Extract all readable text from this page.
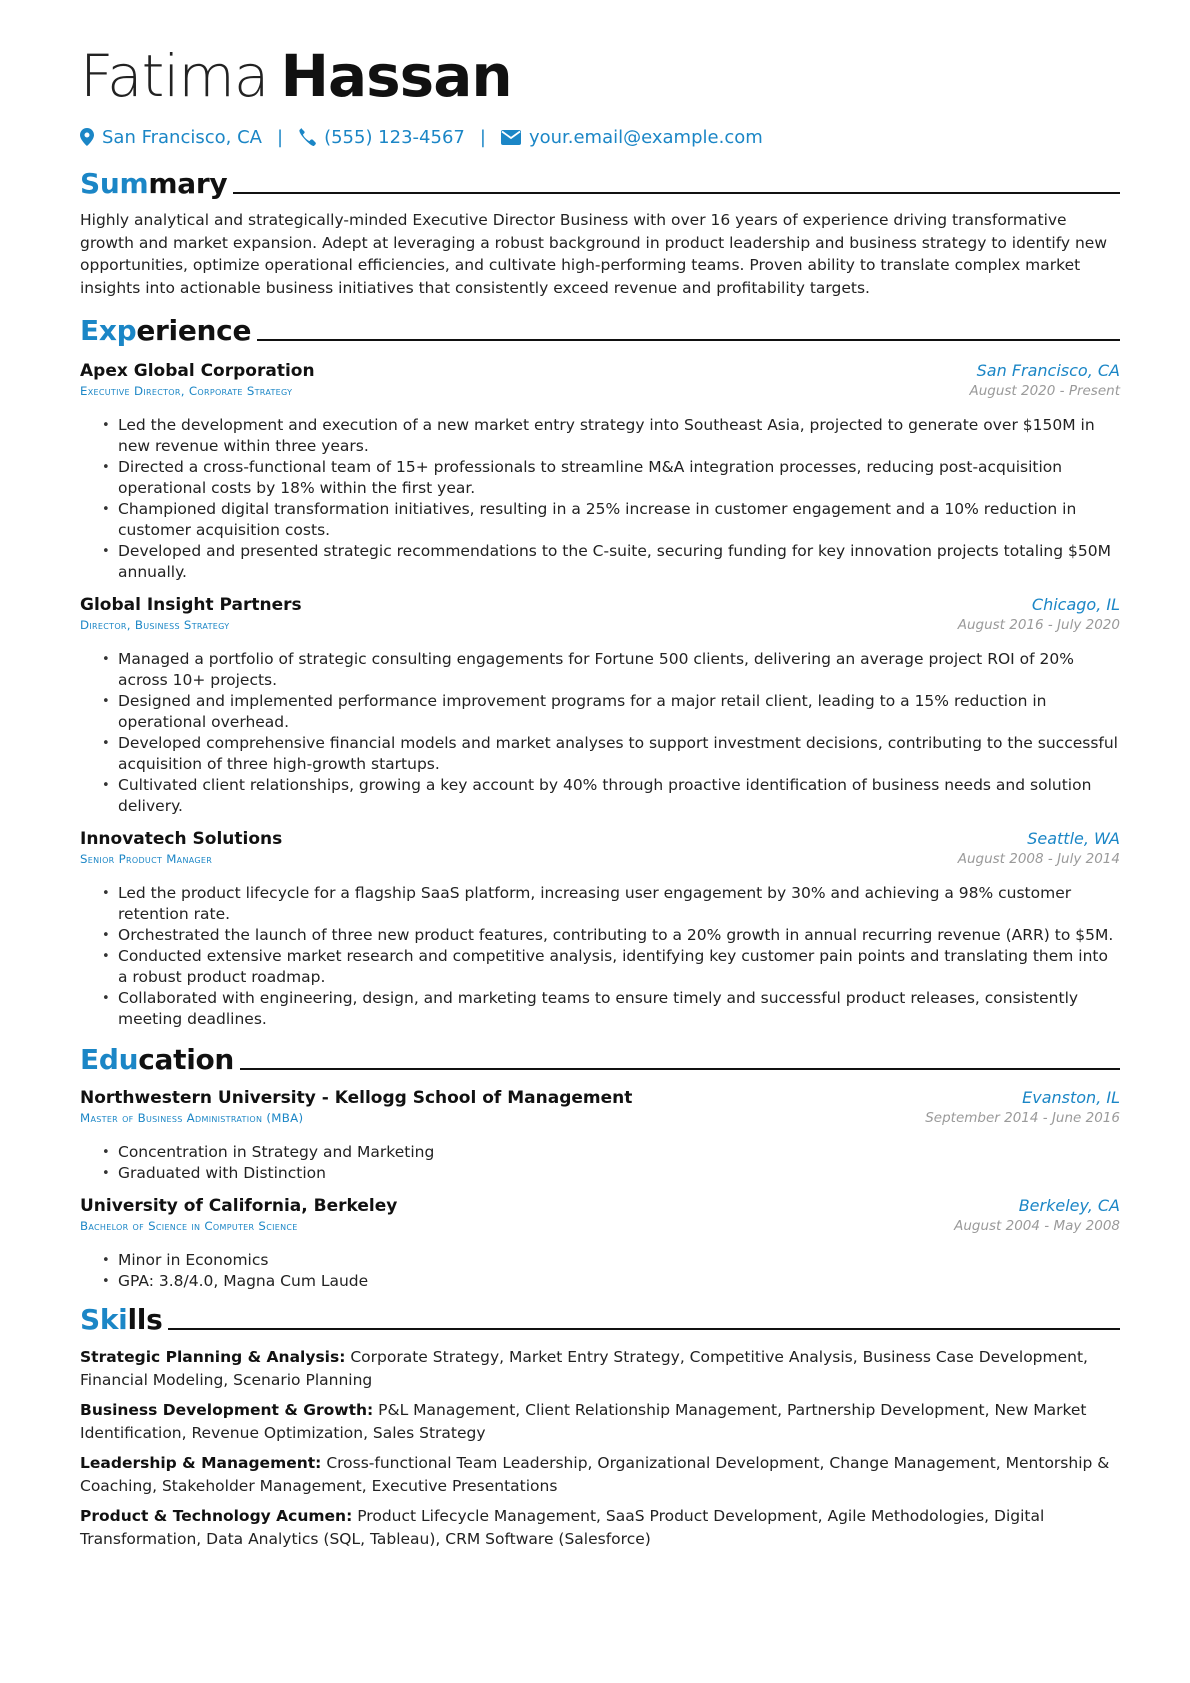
Fatima Hassan
San Francisco, CA | (555) 123-4567 | your.email@example.com
Summary
Highly analytical and strategically-minded Executive Director Business with over 16 years of experience driving transformative growth and market expansion. Adept at leveraging a robust background in product leadership and business strategy to identify new opportunities, optimize operational efficiencies, and cultivate high-performing teams. Proven ability to translate complex market insights into actionable business initiatives that consistently exceed revenue and profitability targets.
Experience
Apex Global Corporation	San Francisco, CA
Executive Director, Corporate Strategy	August 2020 - Present
• Led the development and execution of a new market entry strategy into Southeast Asia, projected to generate over $150M in new revenue within three years.
• Directed a cross-functional team of 15+ professionals to streamline M&A integration processes, reducing post-acquisition operational costs by 18% within the first year.
• Championed digital transformation initiatives, resulting in a 25% increase in customer engagement and a 10% reduction in customer acquisition costs.
• Developed and presented strategic recommendations to the C-suite, securing funding for key innovation projects totaling $50M annually.
Global Insight Partners	Chicago, IL
Director, Business Strategy	August 2016 - July 2020
• Managed a portfolio of strategic consulting engagements for Fortune 500 clients, delivering an average project ROI of 20% across 10+ projects.
• Designed and implemented performance improvement programs for a major retail client, leading to a 15% reduction in operational overhead.
• Developed comprehensive financial models and market analyses to support investment decisions, contributing to the successful acquisition of three high-growth startups.
• Cultivated client relationships, growing a key account by 40% through proactive identification of business needs and solution delivery.
Innovatech Solutions	Seattle, WA
Senior Product Manager	August 2008 - July 2014
• Led the product lifecycle for a flagship SaaS platform, increasing user engagement by 30% and achieving a 98% customer retention rate.
• Orchestrated the launch of three new product features, contributing to a 20% growth in annual recurring revenue (ARR) to $5M.
• Conducted extensive market research and competitive analysis, identifying key customer pain points and translating them into a robust product roadmap.
• Collaborated with engineering, design, and marketing teams to ensure timely and successful product releases, consistently meeting deadlines.
Education
Northwestern University - Kellogg School of Management	Evanston, IL
Master of Business Administration (MBA)	September 2014 - June 2016
• Concentration in Strategy and Marketing
• Graduated with Distinction
University of California, Berkeley	Berkeley, CA
Bachelor of Science in Computer Science	August 2004 - May 2008
• Minor in Economics
• GPA: 3.8/4.0, Magna Cum Laude
Skills
Strategic Planning & Analysis: Corporate Strategy, Market Entry Strategy, Competitive Analysis, Business Case Development, Financial Modeling, Scenario Planning
Business Development & Growth: P&L Management, Client Relationship Management, Partnership Development, New Market Identification, Revenue Optimization, Sales Strategy
Leadership & Management: Cross-functional Team Leadership, Organizational Development, Change Management, Mentorship & Coaching, Stakeholder Management, Executive Presentations
Product & Technology Acumen: Product Lifecycle Management, SaaS Product Development, Agile Methodologies, Digital Transformation, Data Analytics (SQL, Tableau), CRM Software (Salesforce)
